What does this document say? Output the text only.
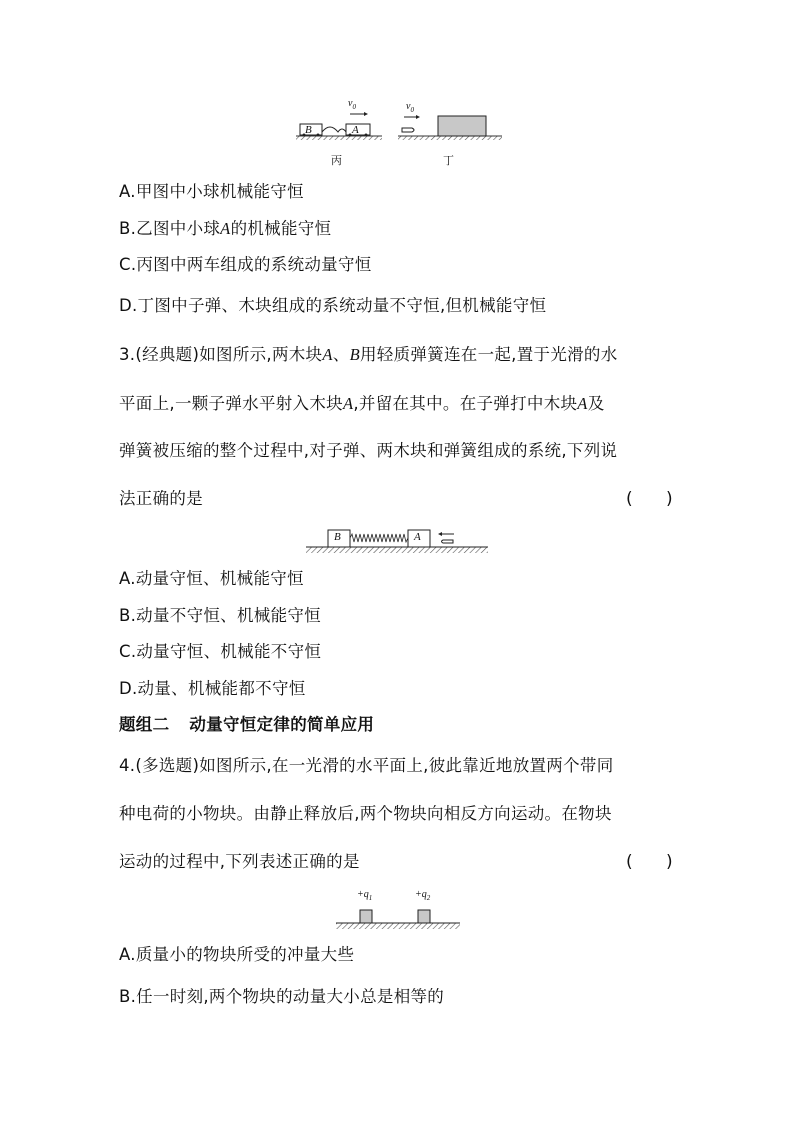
B	A
$v_0$	$v_0$
丙	丁
A.甲图中小球机械能守恒
B.乙图中小球A的机械能守恒
C.丙图中两车组成的系统动量守恒
D.丁图中子弹、木块组成的系统动量不守恒,但机械能守恒
3.(经典题)如图所示,两木块A、B用轻质弹簧连在一起,置于光滑的水
平面上,一颗子弹水平射入木块A,并留在其中。在子弹打中木块A及
弹簧被压缩的整个过程中,对子弹、两木块和弹簧组成的系统,下列说
法正确的是	( )
B	A
A.动量守恒、机械能守恒
B.动量不守恒、机械能守恒
C.动量守恒、机械能不守恒
D.动量、机械能都不守恒
题组二 动量守恒定律的简单应用
4.(多选题)如图所示,在一光滑的水平面上,彼此靠近地放置两个带同
种电荷的小物块。由静止释放后,两个物块向相反方向运动。在物块
运动的过程中,下列表述正确的是	( )
$+q_1$	$+q_2$
A.质量小的物块所受的冲量大些
B.任一时刻,两个物块的动量大小总是相等的
